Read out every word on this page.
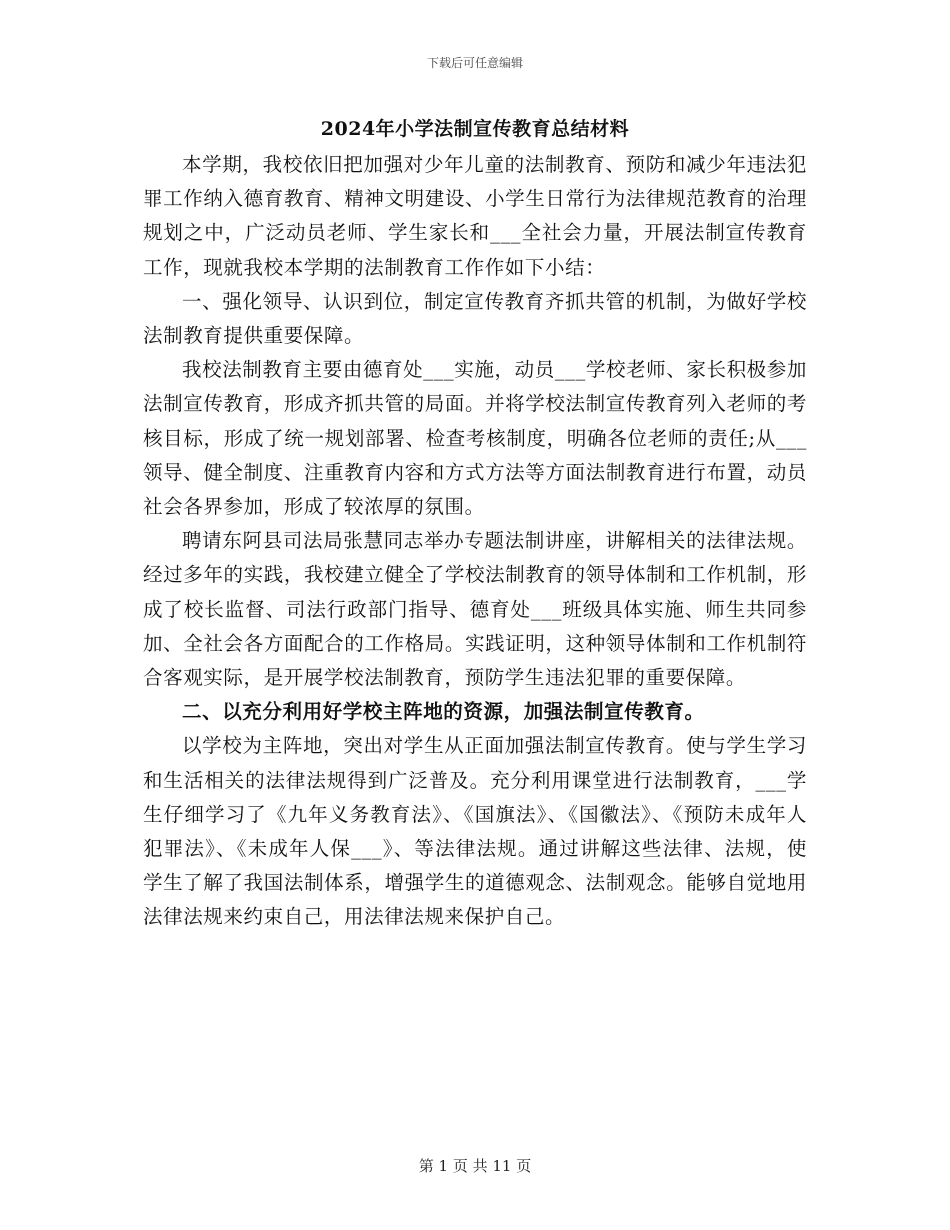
下载后可任意编辑
2024年小学法制宣传教育总结材料

本学期，我校依旧把加强对少年儿童的法制教育、预防和减少年违法犯罪工作纳入德育教育、精神文明建设、小学生日常行为法律规范教育的治理规划之中，广泛动员老师、学生家长和___全社会力量，开展法制宣传教育工作，现就我校本学期的法制教育工作作如下小结：

一、强化领导、认识到位，制定宣传教育齐抓共管的机制，为做好学校法制教育提供重要保障。

我校法制教育主要由德育处___实施，动员___学校老师、家长积极参加法制宣传教育，形成齐抓共管的局面。并将学校法制宣传教育列入老师的考核目标，形成了统一规划部署、检查考核制度，明确各位老师的责任;从___领导、健全制度、注重教育内容和方式方法等方面法制教育进行布置，动员社会各界参加，形成了较浓厚的氛围。

聘请东阿县司法局张慧同志举办专题法制讲座，讲解相关的法律法规。经过多年的实践，我校建立健全了学校法制教育的领导体制和工作机制，形成了校长监督、司法行政部门指导、德育处___班级具体实施、师生共同参加、全社会各方面配合的工作格局。实践证明，这种领导体制和工作机制符合客观实际，是开展学校法制教育，预防学生违法犯罪的重要保障。

二、以充分利用好学校主阵地的资源，加强法制宣传教育。

以学校为主阵地，突出对学生从正面加强法制宣传教育。使与学生学习和生活相关的法律法规得到广泛普及。充分利用课堂进行法制教育，___学生仔细学习了《九年义务教育法》、《国旗法》、《国徽法》、《预防未成年人犯罪法》、《未成年人保___》、等法律法规。通过讲解这些法律、法规，使学生了解了我国法制体系，增强学生的道德观念、法制观念。能够自觉地用法律法规来约束自己，用法律法规来保护自己。

第 1 页 共 11 页
